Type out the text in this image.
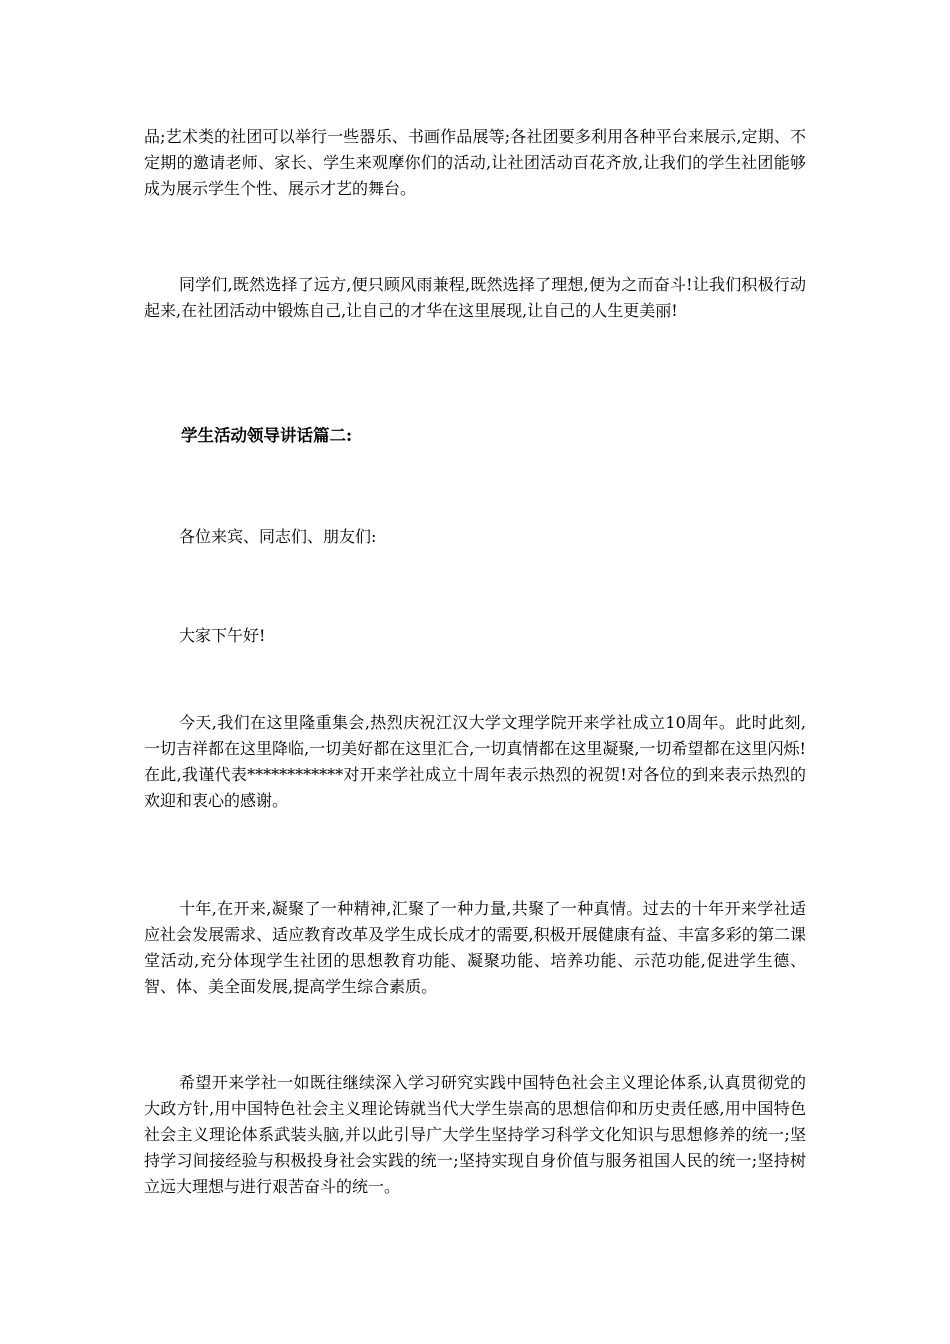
品;艺术类的社团可以举行一些器乐、书画作品展等;各社团要多利用各种平台来展示,定期、不定期的邀请老师、家长、学生来观摩你们的活动,让社团活动百花齐放,让我们的学生社团能够成为展示学生个性、展示才艺的舞台。

同学们,既然选择了远方,便只顾风雨兼程,既然选择了理想,便为之而奋斗!让我们积极行动起来,在社团活动中锻炼自己,让自己的才华在这里展现,让自己的人生更美丽!

学生活动领导讲话篇二:

各位来宾、同志们、朋友们:

大家下午好!

今天,我们在这里隆重集会,热烈庆祝江汉大学文理学院开来学社成立10周年。此时此刻,一切吉祥都在这里降临,一切美好都在这里汇合,一切真情都在这里凝聚,一切希望都在这里闪烁!在此,我谨代表************对开来学社成立十周年表示热烈的祝贺!对各位的到来表示热烈的欢迎和衷心的感谢。

十年,在开来,凝聚了一种精神,汇聚了一种力量,共聚了一种真情。过去的十年开来学社适应社会发展需求、适应教育改革及学生成长成才的需要,积极开展健康有益、丰富多彩的第二课堂活动,充分体现学生社团的思想教育功能、凝聚功能、培养功能、示范功能,促进学生德、智、体、美全面发展,提高学生综合素质。

希望开来学社一如既往继续深入学习研究实践中国特色社会主义理论体系,认真贯彻党的大政方针,用中国特色社会主义理论铸就当代大学生崇高的思想信仰和历史责任感,用中国特色社会主义理论体系武装头脑,并以此引导广大学生坚持学习科学文化知识与思想修养的统一;坚持学习间接经验与积极投身社会实践的统一;坚持实现自身价值与服务祖国人民的统一;坚持树立远大理想与进行艰苦奋斗的统一。
